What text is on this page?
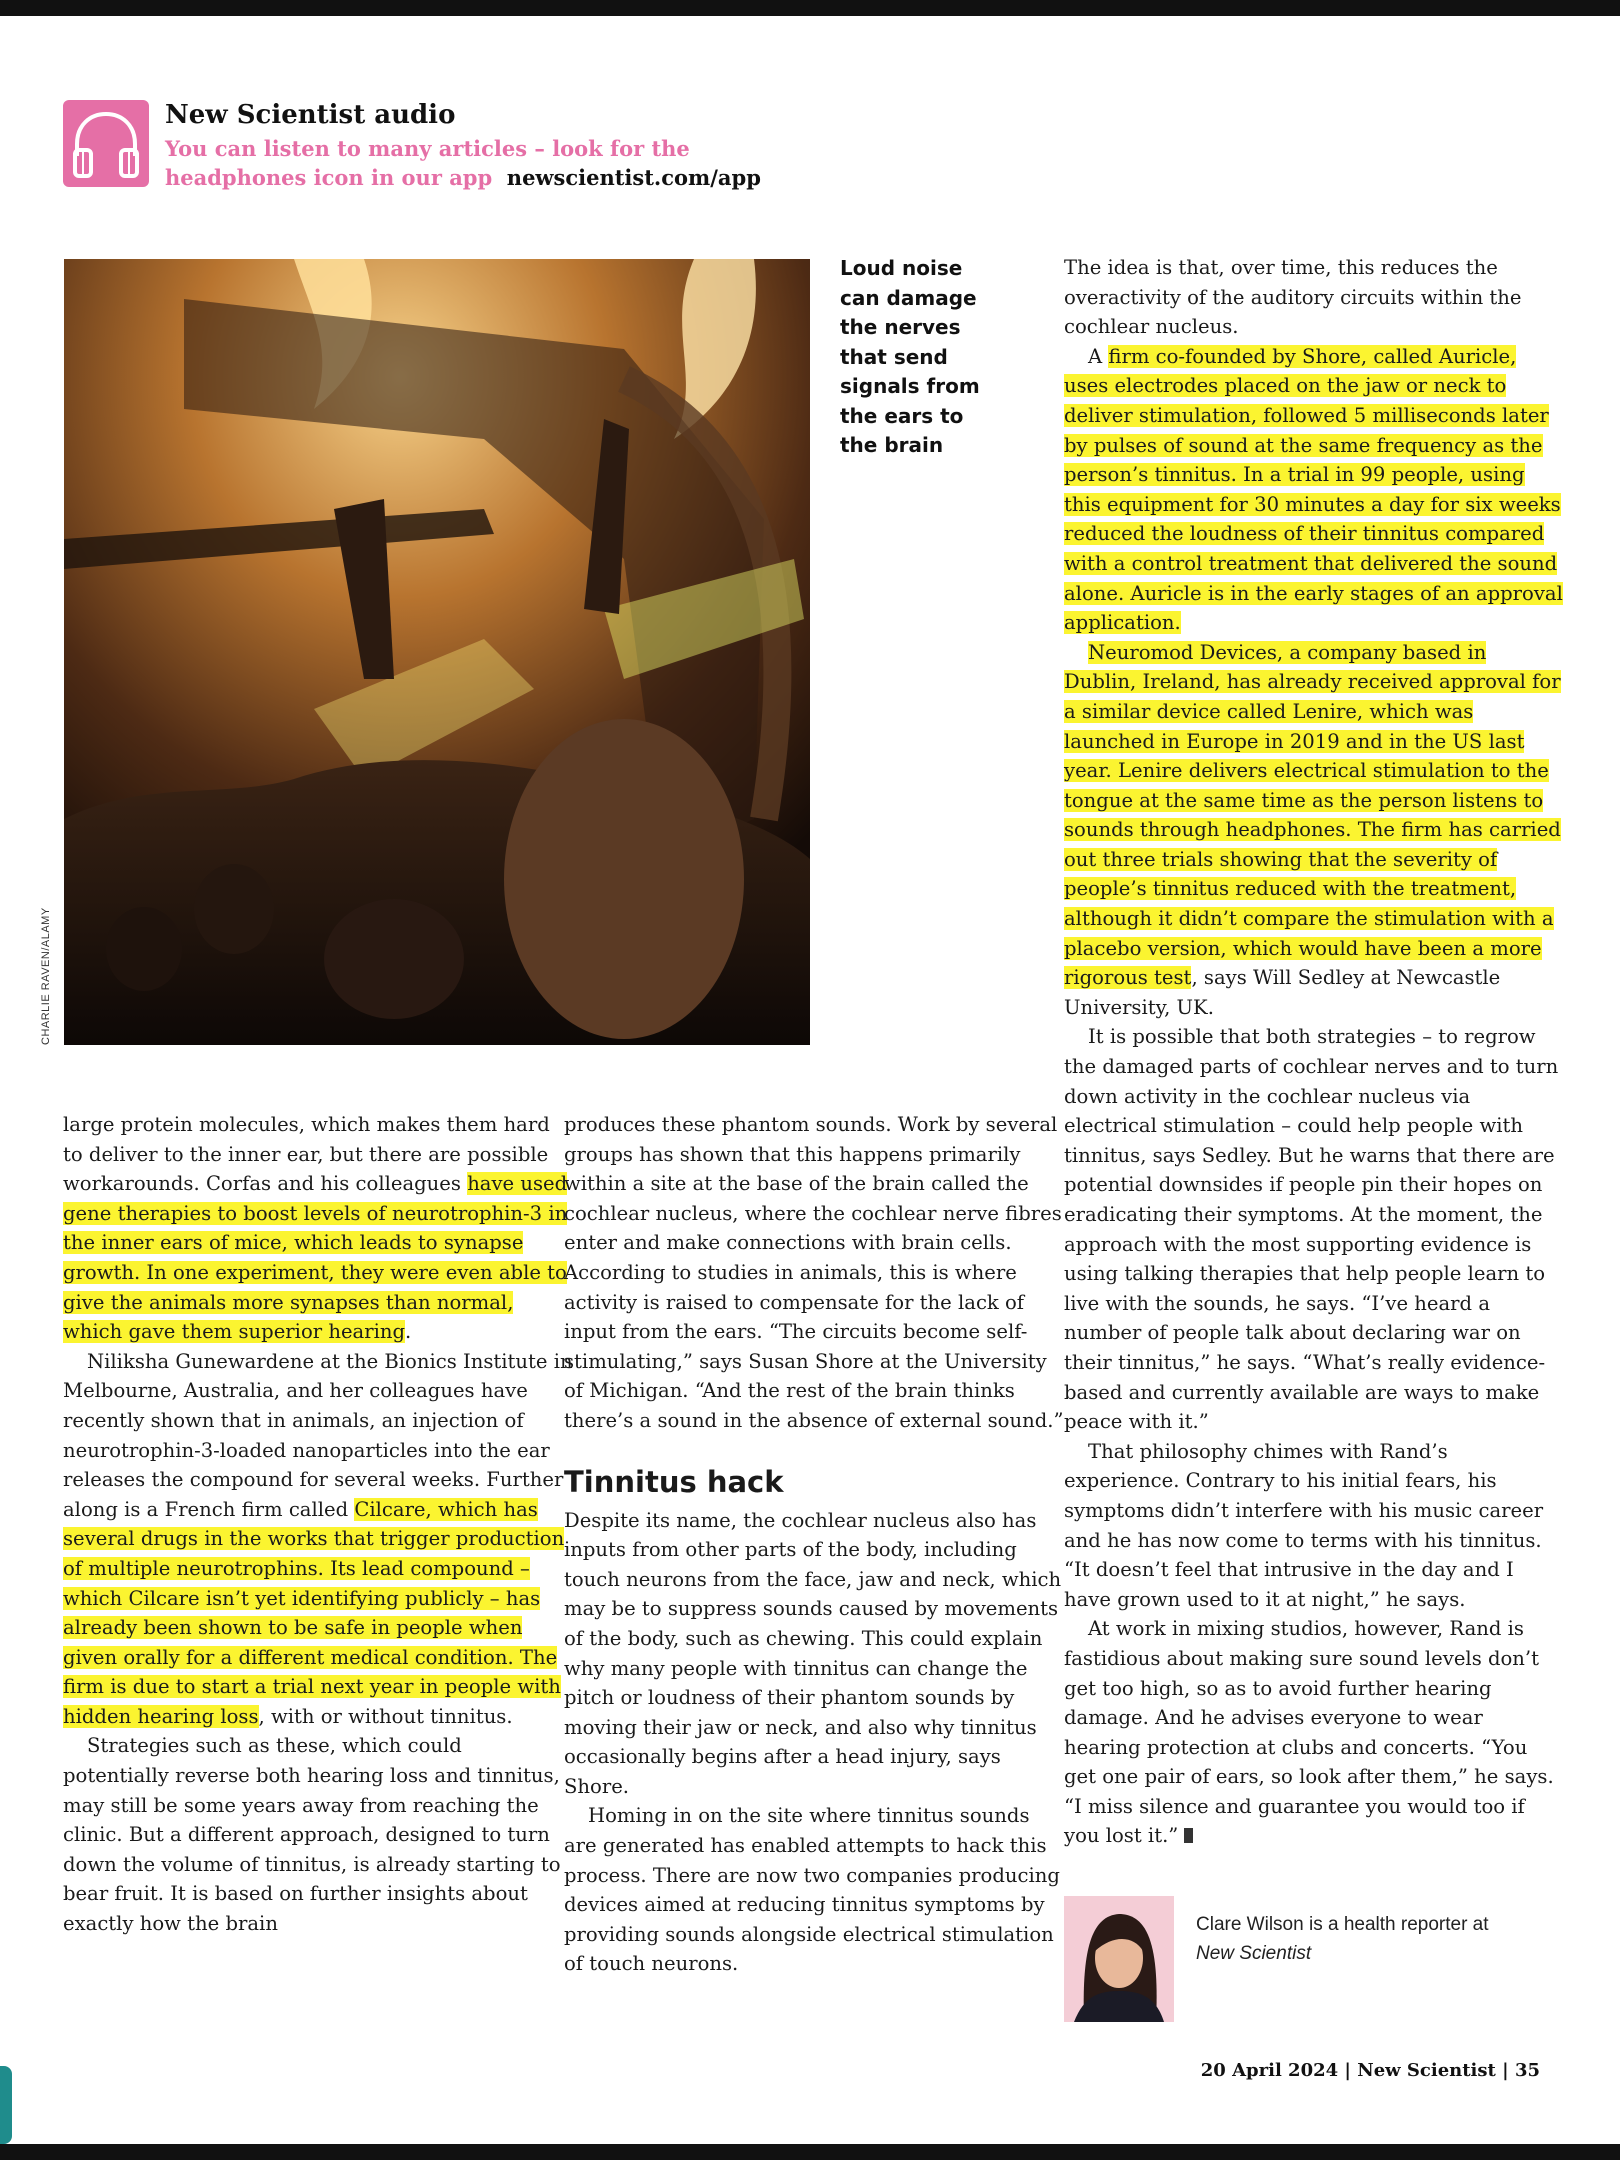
New Scientist audio
You can listen to many articles – look for the headphones icon in our app newscientist.com/app
CHARLIE RAVEN/ALAMY
Loud noise can damage the nerves that send signals from the ears to the brain

large protein molecules, which makes them hard to deliver to the inner ear, but there are possible workarounds. Corfas and his colleagues have used gene therapies to boost levels of neurotrophin-3 in the inner ears of mice, which leads to synapse growth. In one experiment, they were even able to give the animals more synapses than normal, which gave them superior hearing.

Niliksha Gunewardene at the Bionics Institute in Melbourne, Australia, and her colleagues have recently shown that in animals, an injection of neurotrophin-3-loaded nanoparticles into the ear releases the compound for several weeks. Further along is a French firm called Cilcare, which has several drugs in the works that trigger production of multiple neurotrophins. Its lead compound – which Cilcare isn’t yet identifying publicly – has already been shown to be safe in people when given orally for a different medical condition. The firm is due to start a trial next year in people with hidden hearing loss, with or without tinnitus.

Strategies such as these, which could potentially reverse both hearing loss and tinnitus, may still be some years away from reaching the clinic. But a different approach, designed to turn down the volume of tinnitus, is already starting to bear fruit. It is based on further insights about exactly how the brain

produces these phantom sounds. Work by several groups has shown that this happens primarily within a site at the base of the brain called the cochlear nucleus, where the cochlear nerve fibres enter and make connections with brain cells. According to studies in animals, this is where activity is raised to compensate for the lack of input from the ears. “The circuits become self-stimulating,” says Susan Shore at the University of Michigan. “And the rest of the brain thinks there’s a sound in the absence of external sound.”

Tinnitus hack

Despite its name, the cochlear nucleus also has inputs from other parts of the body, including touch neurons from the face, jaw and neck, which may be to suppress sounds caused by movements of the body, such as chewing. This could explain why many people with tinnitus can change the pitch or loudness of their phantom sounds by moving their jaw or neck, and also why tinnitus occasionally begins after a head injury, says Shore.

Homing in on the site where tinnitus sounds are generated has enabled attempts to hack this process. There are now two companies producing devices aimed at reducing tinnitus symptoms by providing sounds alongside electrical stimulation of touch neurons.

The idea is that, over time, this reduces the overactivity of the auditory circuits within the cochlear nucleus.

A firm co-founded by Shore, called Auricle, uses electrodes placed on the jaw or neck to deliver stimulation, followed 5 milliseconds later by pulses of sound at the same frequency as the person’s tinnitus. In a trial in 99 people, using this equipment for 30 minutes a day for six weeks reduced the loudness of their tinnitus compared with a control treatment that delivered the sound alone. Auricle is in the early stages of an approval application.

Neuromod Devices, a company based in Dublin, Ireland, has already received approval for a similar device called Lenire, which was launched in Europe in 2019 and in the US last year. Lenire delivers electrical stimulation to the tongue at the same time as the person listens to sounds through headphones. The firm has carried out three trials showing that the severity of people’s tinnitus reduced with the treatment, although it didn’t compare the stimulation with a placebo version, which would have been a more rigorous test, says Will Sedley at Newcastle University, UK.

It is possible that both strategies – to regrow the damaged parts of cochlear nerves and to turn down activity in the cochlear nucleus via electrical stimulation – could help people with tinnitus, says Sedley. But he warns that there are potential downsides if people pin their hopes on eradicating their symptoms. At the moment, the approach with the most supporting evidence is using talking therapies that help people learn to live with the sounds, he says. “I’ve heard a number of people talk about declaring war on their tinnitus,” he says. “What’s really evidence-based and currently available are ways to make peace with it.”

That philosophy chimes with Rand’s experience. Contrary to his initial fears, his symptoms didn’t interfere with his music career and he has now come to terms with his tinnitus. “It doesn’t feel that intrusive in the day and I have grown used to it at night,” he says.

At work in mixing studios, however, Rand is fastidious about making sure sound levels don’t get too high, so as to avoid further hearing damage. And he advises everyone to wear hearing protection at clubs and concerts. “You get one pair of ears, so look after them,” he says. “I miss silence and guarantee you would too if you lost it.”

Clare Wilson is a health reporter at New Scientist
20 April 2024 | New Scientist | 35
